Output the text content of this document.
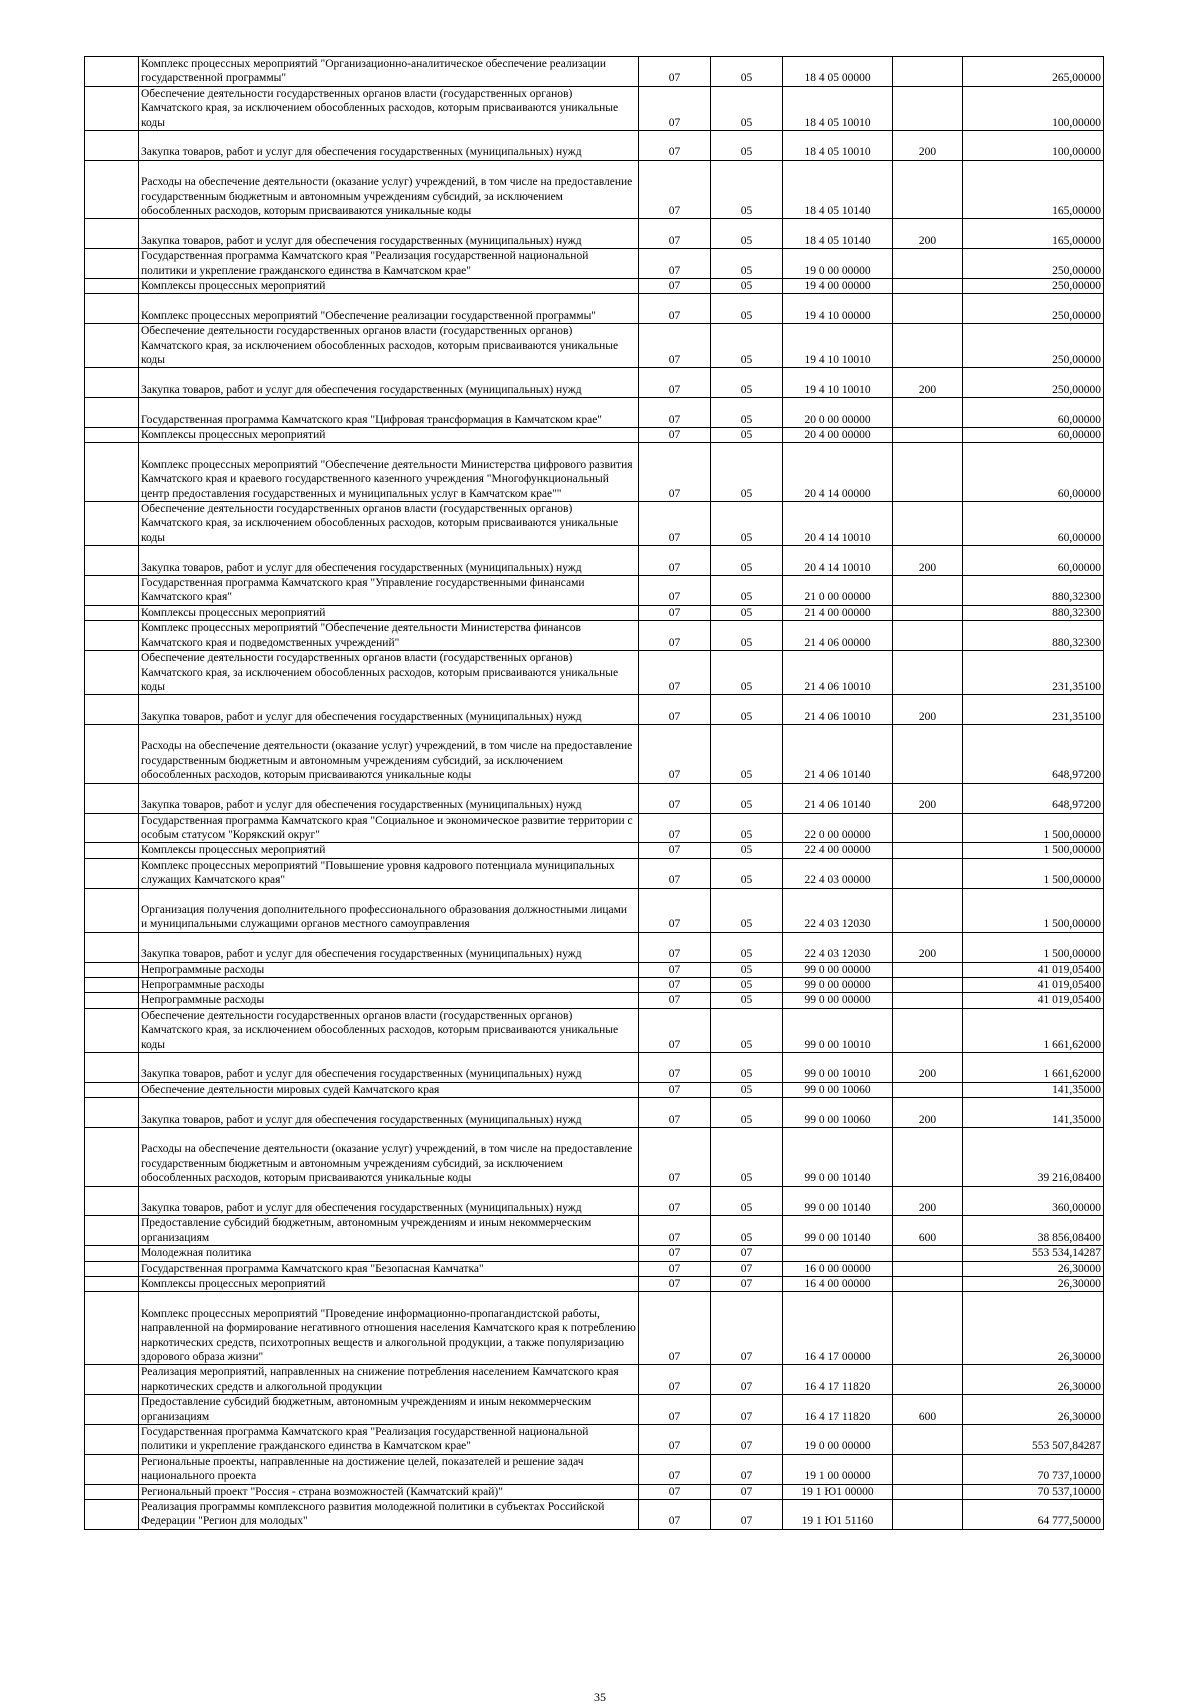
	Комплекс процессных мероприятий "Организационно-аналитическое обеспечение реализации государственной программы"	07	05	18 4 05 00000		265,00000
	Обеспечение деятельности государственных органов власти (государственных органов) Камчатского края, за исключением обособленных расходов, которым присваиваются уникальные коды	07	05	18 4 05 10010		100,00000
	Закупка товаров, работ и услуг для обеспечения государственных (муниципальных) нужд	07	05	18 4 05 10010	200	100,00000
	Расходы на обеспечение деятельности (оказание услуг) учреждений, в том числе на предоставление государственным бюджетным и автономным учреждениям субсидий, за исключением обособленных расходов, которым присваиваются уникальные коды	07	05	18 4 05 10140		165,00000
	Закупка товаров, работ и услуг для обеспечения государственных (муниципальных) нужд	07	05	18 4 05 10140	200	165,00000
	Государственная программа Камчатского края "Реализация государственной национальной политики и укрепление гражданского единства в Камчатском крае"	07	05	19 0 00 00000		250,00000
	Комплексы процессных мероприятий	07	05	19 4 00 00000		250,00000
	Комплекс процессных мероприятий "Обеспечение реализации государственной программы"	07	05	19 4 10 00000		250,00000
	Обеспечение деятельности государственных органов власти (государственных органов) Камчатского края, за исключением обособленных расходов, которым присваиваются уникальные коды	07	05	19 4 10 10010		250,00000
	Закупка товаров, работ и услуг для обеспечения государственных (муниципальных) нужд	07	05	19 4 10 10010	200	250,00000
	Государственная программа Камчатского края "Цифровая трансформация в Камчатском крае"	07	05	20 0 00 00000		60,00000
	Комплексы процессных мероприятий	07	05	20 4 00 00000		60,00000
	Комплекс процессных мероприятий "Обеспечение деятельности Министерства цифрового развития Камчатского края и краевого государственного казенного учреждения "Многофункциональный центр предоставления государственных и муниципальных услуг в Камчатском крае""	07	05	20 4 14 00000		60,00000
	Обеспечение деятельности государственных органов власти (государственных органов) Камчатского края, за исключением обособленных расходов, которым присваиваются уникальные коды	07	05	20 4 14 10010		60,00000
	Закупка товаров, работ и услуг для обеспечения государственных (муниципальных) нужд	07	05	20 4 14 10010	200	60,00000
	Государственная программа Камчатского края "Управление государственными финансами Камчатского края"	07	05	21 0 00 00000		880,32300
	Комплексы процессных мероприятий	07	05	21 4 00 00000		880,32300
	Комплекс процессных мероприятий "Обеспечение деятельности Министерства финансов Камчатского края и подведомственных учреждений"	07	05	21 4 06 00000		880,32300
	Обеспечение деятельности государственных органов власти (государственных органов) Камчатского края, за исключением обособленных расходов, которым присваиваются уникальные коды	07	05	21 4 06 10010		231,35100
	Закупка товаров, работ и услуг для обеспечения государственных (муниципальных) нужд	07	05	21 4 06 10010	200	231,35100
	Расходы на обеспечение деятельности (оказание услуг) учреждений, в том числе на предоставление государственным бюджетным и автономным учреждениям субсидий, за исключением обособленных расходов, которым присваиваются уникальные коды	07	05	21 4 06 10140		648,97200
	Закупка товаров, работ и услуг для обеспечения государственных (муниципальных) нужд	07	05	21 4 06 10140	200	648,97200
	Государственная программа Камчатского края "Социальное и экономическое развитие территории с особым статусом "Корякский округ"	07	05	22 0 00 00000		1 500,00000
	Комплексы процессных мероприятий	07	05	22 4 00 00000		1 500,00000
	Комплекс процессных мероприятий "Повышение уровня кадрового потенциала муниципальных служащих Камчатского края"	07	05	22 4 03 00000		1 500,00000
	Организация получения дополнительного профессионального образования должностными лицами и муниципальными служащими органов местного самоуправления	07	05	22 4 03 12030		1 500,00000
	Закупка товаров, работ и услуг для обеспечения государственных (муниципальных) нужд	07	05	22 4 03 12030	200	1 500,00000
	Непрограммные расходы	07	05	99 0 00 00000		41 019,05400
	Непрограммные расходы	07	05	99 0 00 00000		41 019,05400
	Непрограммные расходы	07	05	99 0 00 00000		41 019,05400
	Обеспечение деятельности государственных органов власти (государственных органов) Камчатского края, за исключением обособленных расходов, которым присваиваются уникальные коды	07	05	99 0 00 10010		1 661,62000
	Закупка товаров, работ и услуг для обеспечения государственных (муниципальных) нужд	07	05	99 0 00 10010	200	1 661,62000
	Обеспечение деятельности мировых судей Камчатского края	07	05	99 0 00 10060		141,35000
	Закупка товаров, работ и услуг для обеспечения государственных (муниципальных) нужд	07	05	99 0 00 10060	200	141,35000
	Расходы на обеспечение деятельности (оказание услуг) учреждений, в том числе на предоставление государственным бюджетным и автономным учреждениям субсидий, за исключением обособленных расходов, которым присваиваются уникальные коды	07	05	99 0 00 10140		39 216,08400
	Закупка товаров, работ и услуг для обеспечения государственных (муниципальных) нужд	07	05	99 0 00 10140	200	360,00000
	Предоставление субсидий бюджетным, автономным учреждениям и иным некоммерческим организациям	07	05	99 0 00 10140	600	38 856,08400
	Молодежная политика	07	07			553 534,14287
	Государственная программа Камчатского края "Безопасная Камчатка"	07	07	16 0 00 00000		26,30000
	Комплексы процессных мероприятий	07	07	16 4 00 00000		26,30000
	Комплекс процессных мероприятий "Проведение информационно-пропагандистской работы, направленной на формирование негативного отношения населения Камчатского края к потреблению наркотических средств, психотропных веществ и алкогольной продукции, а также популяризацию здорового образа жизни"	07	07	16 4 17 00000		26,30000
	Реализация мероприятий, направленных на снижение потребления населением Камчатского края наркотических средств и алкогольной продукции	07	07	16 4 17 11820		26,30000
	Предоставление субсидий бюджетным, автономным учреждениям и иным некоммерческим организациям	07	07	16 4 17 11820	600	26,30000
	Государственная программа Камчатского края "Реализация государственной национальной политики и укрепление гражданского единства в Камчатском крае"	07	07	19 0 00 00000		553 507,84287
	Региональные проекты, направленные на достижение целей, показателей и решение задач национального проекта	07	07	19 1 00 00000		70 737,10000
	Региональный проект "Россия - страна возможностей (Камчатский край)"	07	07	19 1 Ю1 00000		70 537,10000
	Реализация программы комплексного развития молодежной политики в субъектах Российской Федерации "Регион для молодых"	07	07	19 1 Ю1 51160		64 777,50000
35
